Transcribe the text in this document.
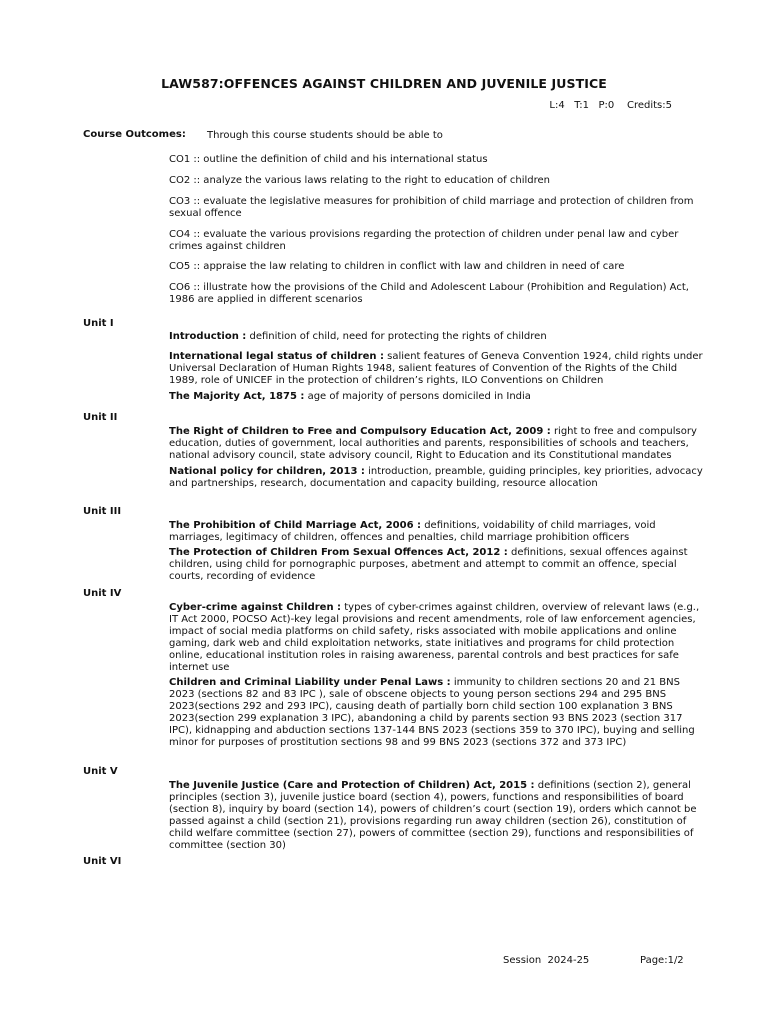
LAW587:OFFENCES AGAINST CHILDREN AND JUVENILE JUSTICE
L:4   T:1   P:0    Credits:5
Course Outcomes: Through this course students should be able to
CO1 :: outline the definition of child and his international status
CO2 :: analyze the various laws relating to the right to education of children
CO3 :: evaluate the legislative measures for prohibition of child marriage and protection of children from sexual offence
CO4 :: evaluate the various provisions regarding the protection of children under penal law and cyber crimes against children
CO5 :: appraise the law relating to children in conflict with law and children in need of care
CO6 :: illustrate how the provisions of the Child and Adolescent Labour (Prohibition and Regulation) Act, 1986 are applied in different scenarios
Unit I
Introduction : definition of child, need for protecting the rights of children
International legal status of children : salient features of Geneva Convention 1924, child rights under Universal Declaration of Human Rights 1948, salient features of Convention of the Rights of the Child 1989, role of UNICEF in the protection of children’s rights, ILO Conventions on Children
The Majority Act, 1875 : age of majority of persons domiciled in India
Unit II
The Right of Children to Free and Compulsory Education Act, 2009 : right to free and compulsory education, duties of government, local authorities and parents, responsibilities of schools and teachers, national advisory council, state advisory council, Right to Education and its Constitutional mandates
National policy for children, 2013 : introduction, preamble, guiding principles, key priorities, advocacy and partnerships, research, documentation and capacity building, resource allocation
Unit III
The Prohibition of Child Marriage Act, 2006 : definitions, voidability of child marriages, void marriages, legitimacy of children, offences and penalties, child marriage prohibition officers
The Protection of Children From Sexual Offences Act, 2012 : definitions, sexual offences against children, using child for pornographic purposes, abetment and attempt to commit an offence, special courts, recording of evidence
Unit IV
Cyber-crime against Children : types of cyber-crimes against children, overview of relevant laws (e.g., IT Act 2000, POCSO Act)-key legal provisions and recent amendments, role of law enforcement agencies, impact of social media platforms on child safety, risks associated with mobile applications and online gaming, dark web and child exploitation networks, state initiatives and programs for child protection online, educational institution roles in raising awareness, parental controls and best practices for safe internet use
Children and Criminal Liability under Penal Laws : immunity to children sections 20 and 21 BNS 2023 (sections 82 and 83 IPC ), sale of obscene objects to young person sections 294 and 295 BNS 2023(sections 292 and 293 IPC), causing death of partially born child section 100 explanation 3 BNS 2023(section 299 explanation 3 IPC), abandoning a child by parents section 93 BNS 2023 (section 317 IPC), kidnapping and abduction sections 137-144 BNS 2023 (sections 359 to 370 IPC), buying and selling minor for purposes of prostitution sections 98 and 99 BNS 2023 (sections 372 and 373 IPC)
Unit V
The Juvenile Justice (Care and Protection of Children) Act, 2015 : definitions (section 2), general principles (section 3), juvenile justice board (section 4), powers, functions and responsibilities of board (section 8), inquiry by board (section 14), powers of children’s court (section 19), orders which cannot be passed against a child (section 21), provisions regarding run away children (section 26), constitution of child welfare committee (section 27), powers of committee (section 29), functions and responsibilities of committee (section 30)
Unit VI
Session  2024-25	Page:1/2
